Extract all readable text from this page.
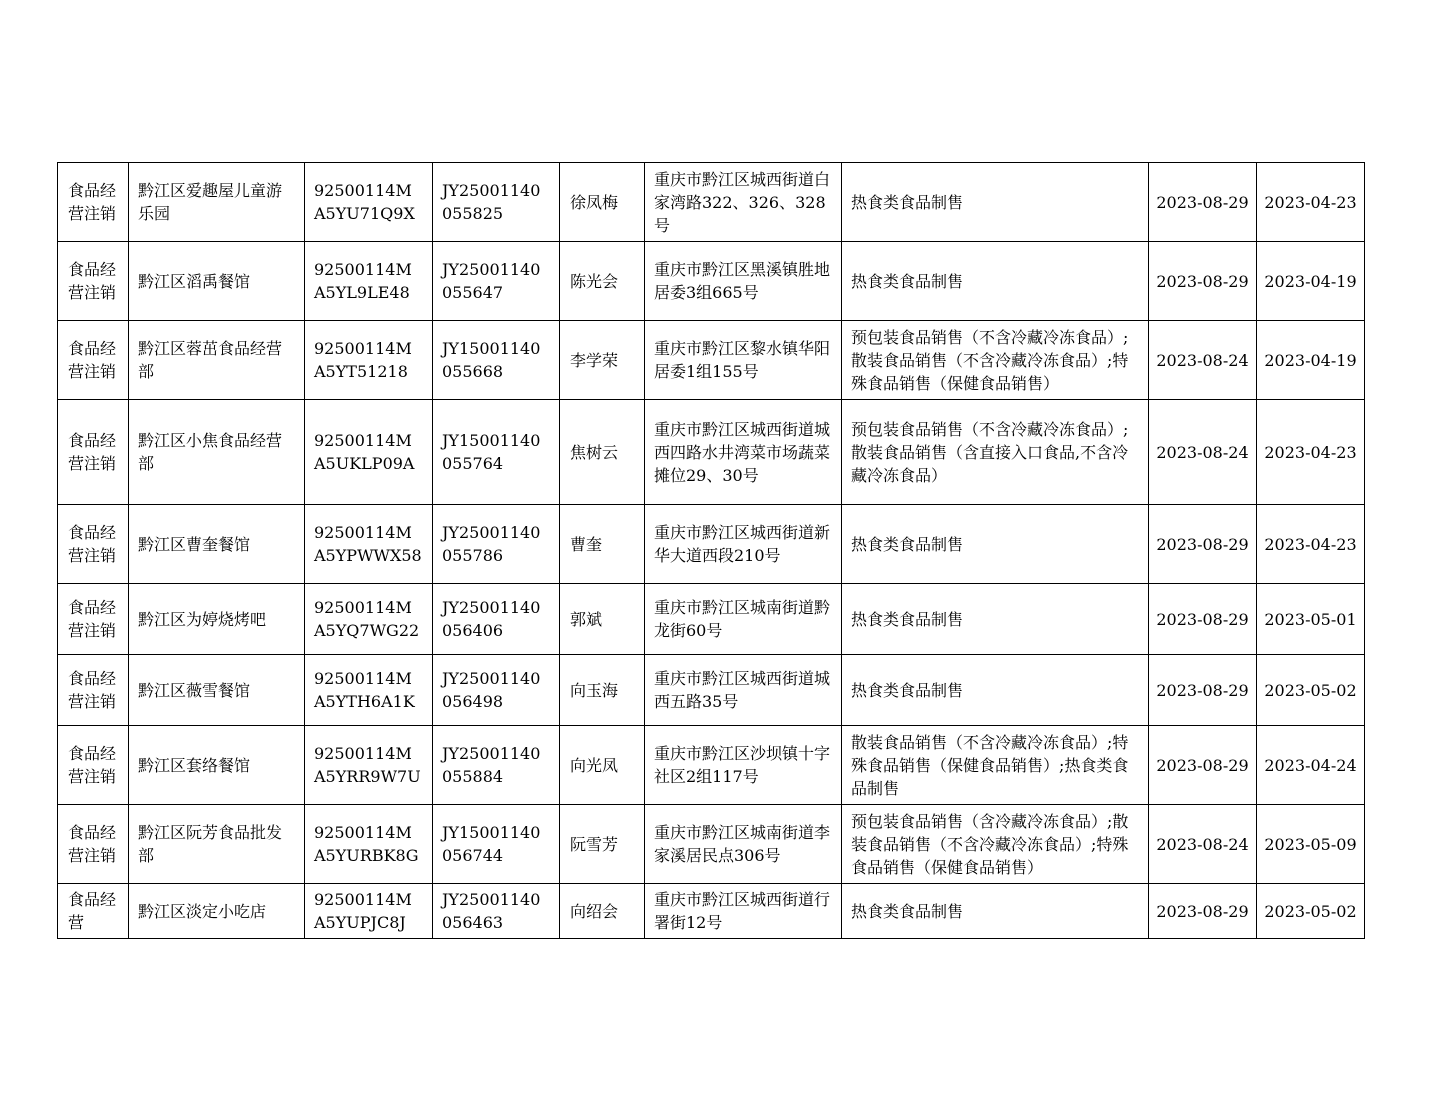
食品经营注销	黔江区爱趣屋儿童游乐园	92500114MA5YU71Q9X	JY25001140055825	徐凤梅	重庆市黔江区城西街道白家湾路322、326、328号	热食类食品制售	2023-08-29	2023-04-23
食品经营注销	黔江区滔禹餐馆	92500114MA5YL9LE48	JY25001140055647	陈光会	重庆市黔江区黑溪镇胜地居委3组665号	热食类食品制售	2023-08-29	2023-04-19
食品经营注销	黔江区蓉茁食品经营部	92500114MA5YT51218	JY15001140055668	李学荣	重庆市黔江区黎水镇华阳居委1组155号	预包装食品销售（不含冷藏冷冻食品）;散装食品销售（不含冷藏冷冻食品）;特殊食品销售（保健食品销售）	2023-08-24	2023-04-19
食品经营注销	黔江区小焦食品经营部	92500114MA5UKLP09A	JY15001140055764	焦树云	重庆市黔江区城西街道城西四路水井湾菜市场蔬菜摊位29、30号	预包装食品销售（不含冷藏冷冻食品）;散装食品销售（含直接入口食品,不含冷藏冷冻食品）	2023-08-24	2023-04-23
食品经营注销	黔江区曹奎餐馆	92500114MA5YPWWX58	JY25001140055786	曹奎	重庆市黔江区城西街道新华大道西段210号	热食类食品制售	2023-08-29	2023-04-23
食品经营注销	黔江区为婷烧烤吧	92500114MA5YQ7WG22	JY25001140056406	郭斌	重庆市黔江区城南街道黔龙街60号	热食类食品制售	2023-08-29	2023-05-01
食品经营注销	黔江区薇雪餐馆	92500114MA5YTH6A1K	JY25001140056498	向玉海	重庆市黔江区城西街道城西五路35号	热食类食品制售	2023-08-29	2023-05-02
食品经营注销	黔江区套络餐馆	92500114MA5YRR9W7U	JY25001140055884	向光凤	重庆市黔江区沙坝镇十字社区2组117号	散装食品销售（不含冷藏冷冻食品）;特殊食品销售（保健食品销售）;热食类食品制售	2023-08-29	2023-04-24
食品经营注销	黔江区阮芳食品批发部	92500114MA5YURBK8G	JY15001140056744	阮雪芳	重庆市黔江区城南街道李家溪居民点306号	预包装食品销售（含冷藏冷冻食品）;散装食品销售（不含冷藏冷冻食品）;特殊食品销售（保健食品销售）	2023-08-24	2023-05-09
食品经营	黔江区淡定小吃店	92500114MA5YUPJC8J	JY25001140056463	向绍会	重庆市黔江区城西街道行署街12号	热食类食品制售	2023-08-29	2023-05-02
